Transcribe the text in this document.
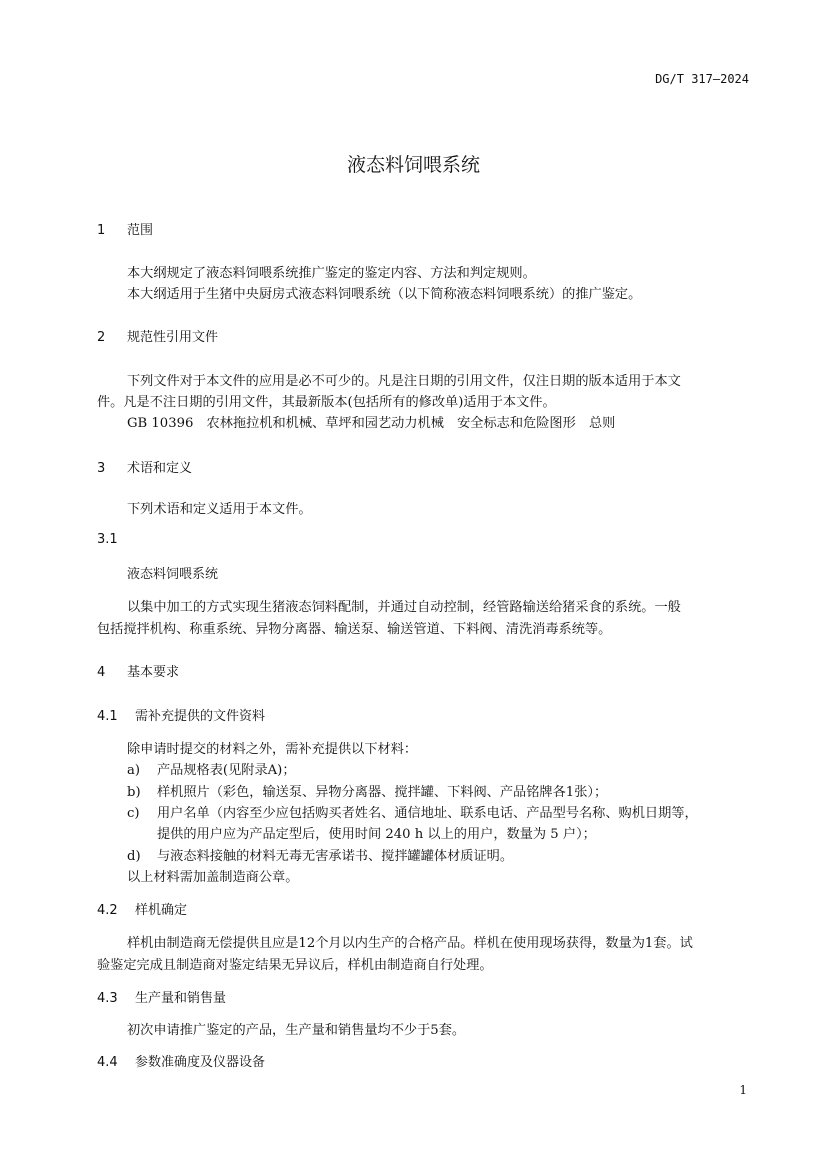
DG/T 317—2024
液态料饲喂系统
1 范围
本大纲规定了液态料饲喂系统推广鉴定的鉴定内容、方法和判定规则。
本大纲适用于生猪中央厨房式液态料饲喂系统（以下简称液态料饲喂系统）的推广鉴定。
2 规范性引用文件
下列文件对于本文件的应用是必不可少的。凡是注日期的引用文件，仅注日期的版本适用于本文
件。凡是不注日期的引用文件，其最新版本(包括所有的修改单)适用于本文件。
GB 10396　农林拖拉机和机械、草坪和园艺动力机械　安全标志和危险图形　总则
3 术语和定义
下列术语和定义适用于本文件。
3.1
液态料饲喂系统
以集中加工的方式实现生猪液态饲料配制，并通过自动控制，经管路输送给猪采食的系统。一般
包括搅拌机构、称重系统、异物分离器、输送泵、输送管道、下料阀、清洗消毒系统等。
4 基本要求
4.1 需补充提供的文件资料
除申请时提交的材料之外，需补充提供以下材料：
a) 产品规格表(见附录A)；
b) 样机照片（彩色，输送泵、异物分离器、搅拌罐、下料阀、产品铭牌各1张）；
c) 用户名单（内容至少应包括购买者姓名、通信地址、联系电话、产品型号名称、购机日期等，
提供的用户应为产品定型后，使用时间 240 h 以上的用户，数量为 5 户）；
d) 与液态料接触的材料无毒无害承诺书、搅拌罐罐体材质证明。
以上材料需加盖制造商公章。
4.2 样机确定
样机由制造商无偿提供且应是12个月以内生产的合格产品。样机在使用现场获得，数量为1套。试
验鉴定完成且制造商对鉴定结果无异议后，样机由制造商自行处理。
4.3 生产量和销售量
初次申请推广鉴定的产品，生产量和销售量均不少于5套。
4.4 参数准确度及仪器设备
1
